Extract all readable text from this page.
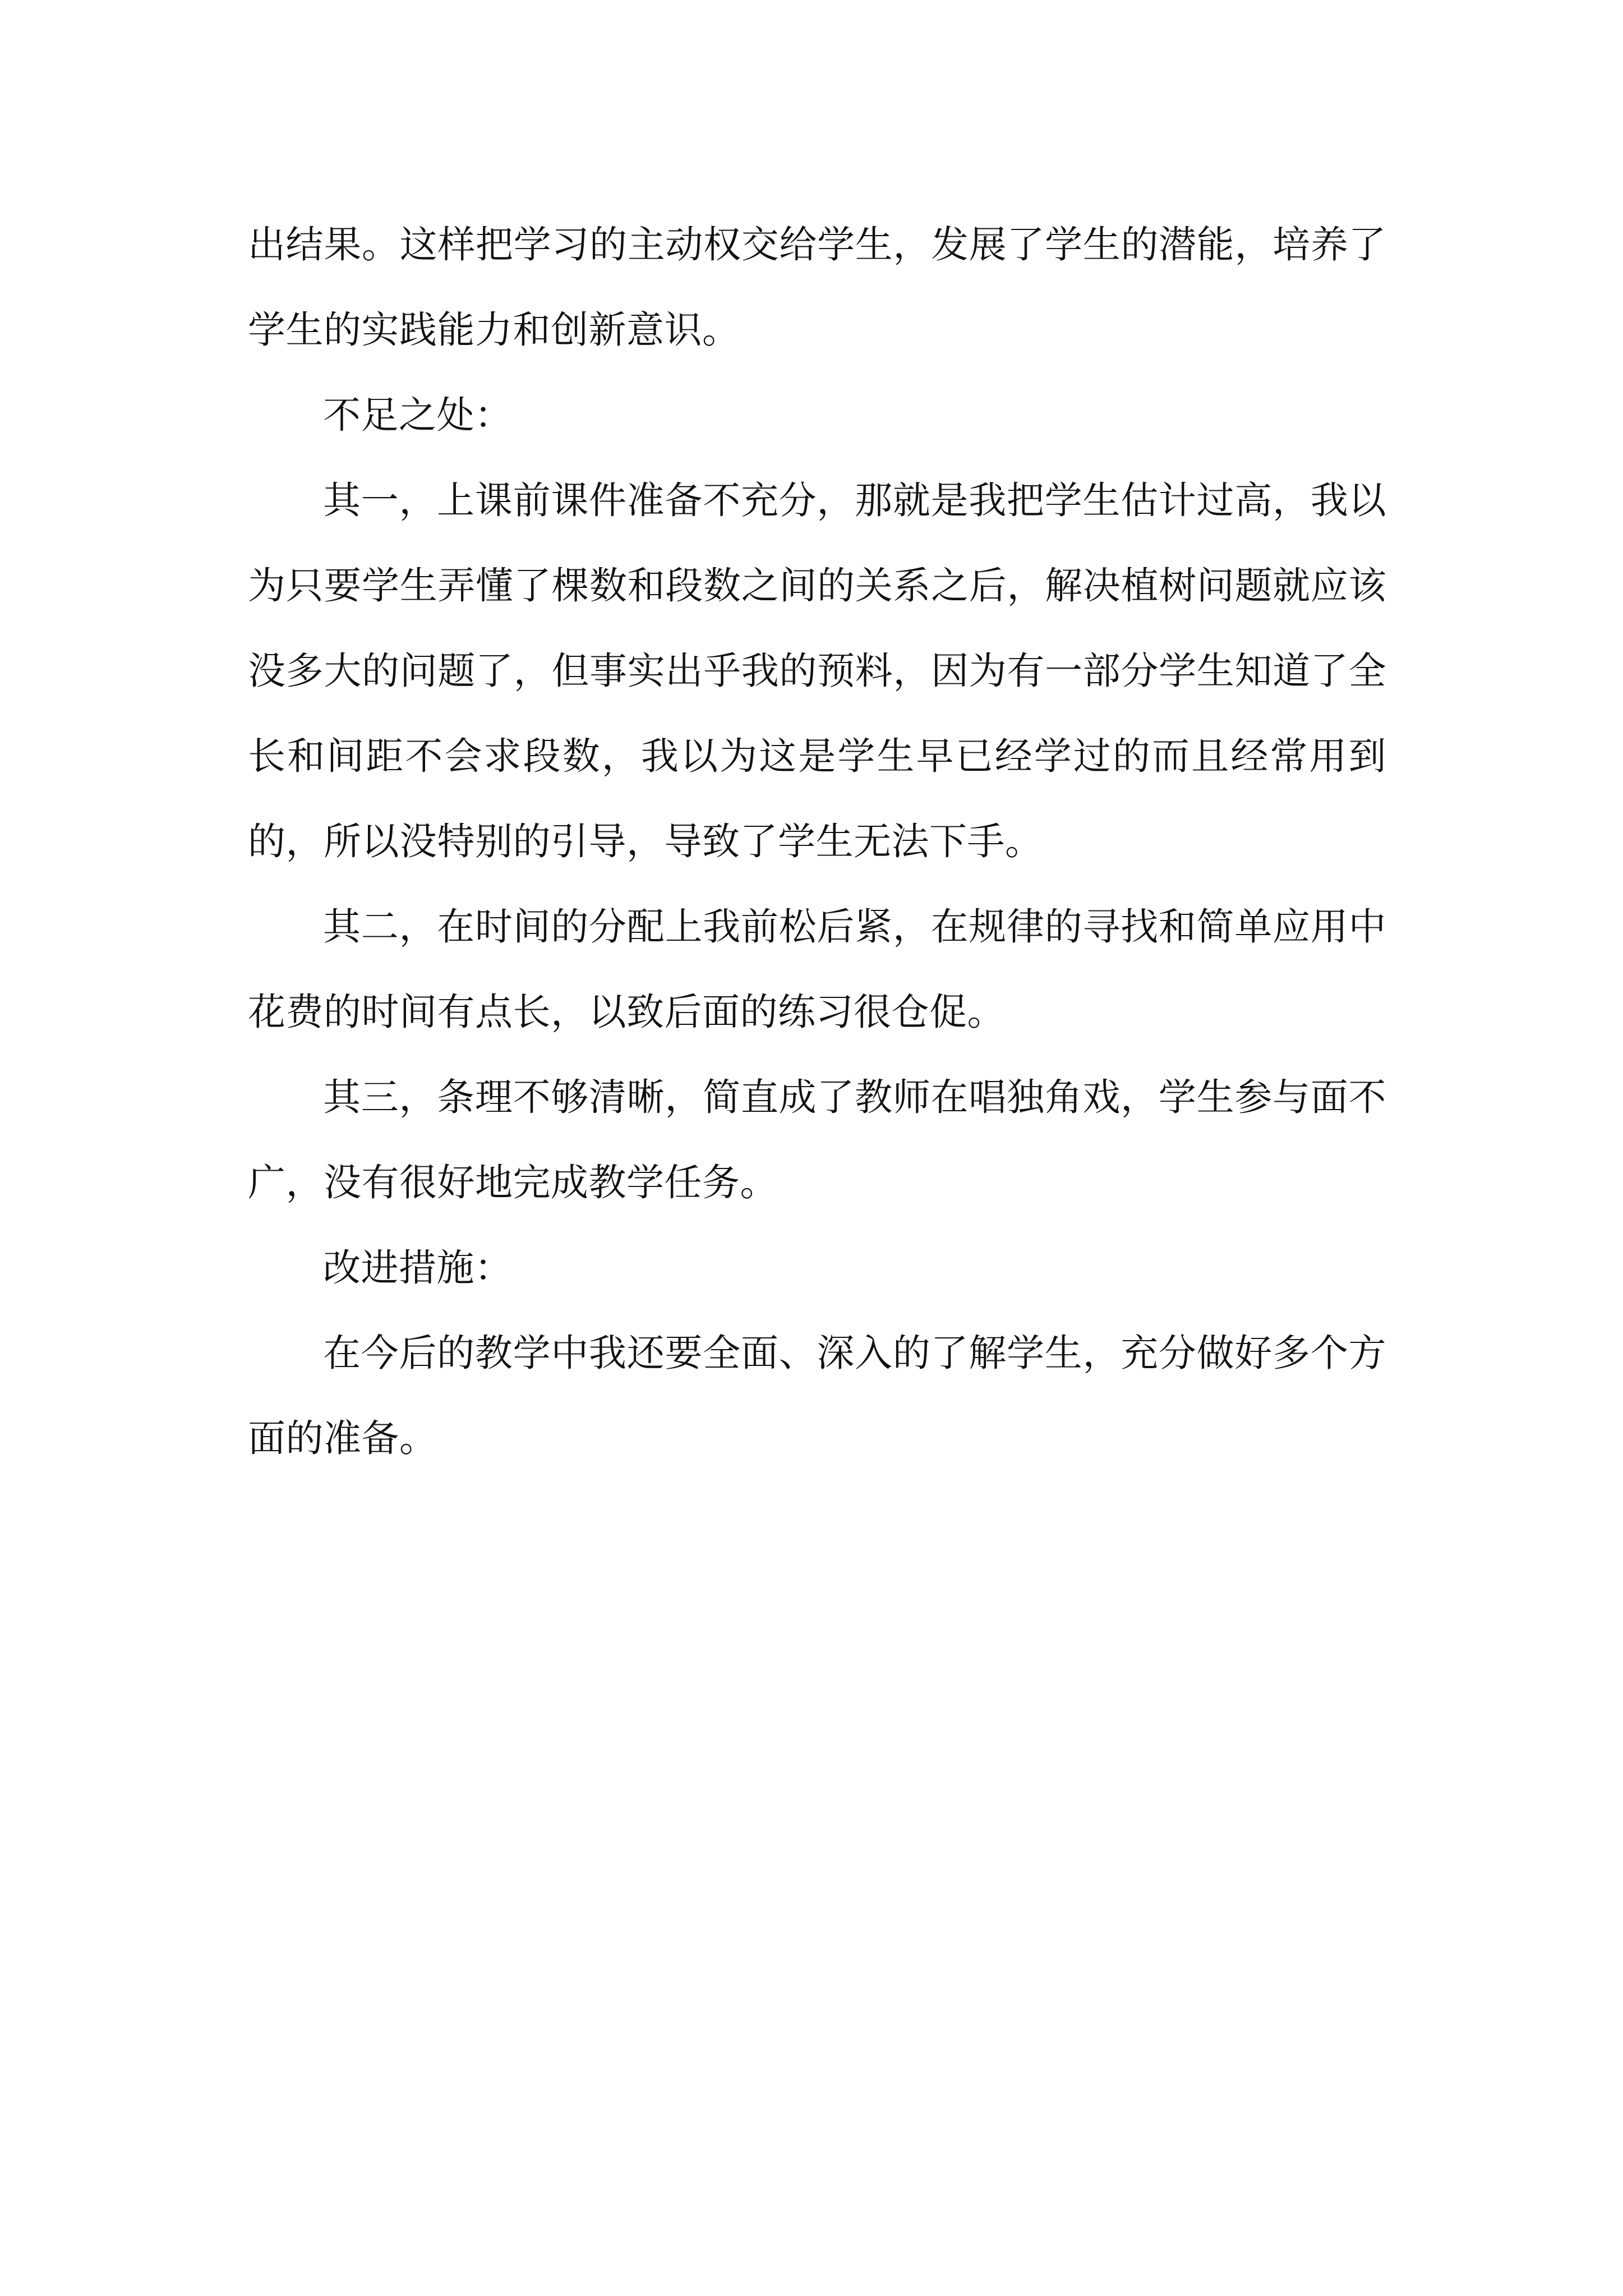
出结果。这样把学习的主动权交给学生，发展了学生的潜能，培养了学生的实践能力和创新意识。

不足之处：

其一，上课前课件准备不充分，那就是我把学生估计过高，我以为只要学生弄懂了棵数和段数之间的关系之后，解决植树问题就应该没多大的问题了，但事实出乎我的预料，因为有一部分学生知道了全长和间距不会求段数，我以为这是学生早已经学过的而且经常用到的，所以没特别的引导，导致了学生无法下手。

其二，在时间的分配上我前松后紧，在规律的寻找和简单应用中花费的时间有点长，以致后面的练习很仓促。

其三，条理不够清晰，简直成了教师在唱独角戏，学生参与面不广，没有很好地完成教学任务。

改进措施：

在今后的教学中我还要全面、深入的了解学生，充分做好多个方面的准备。
